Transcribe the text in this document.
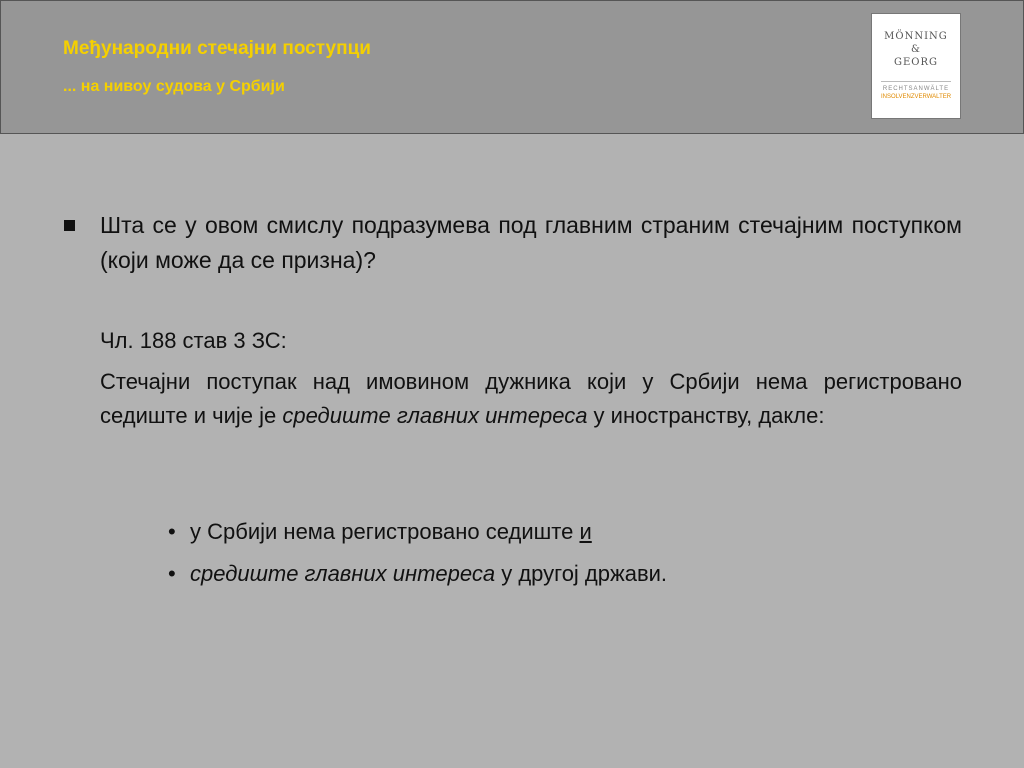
Међународни стечајни поступци
... на нивоу судова у Србији
MÖNNING
&
GEORG
RECHTSANWÄLTE
INSOLVENZVERWALTER

Шта се у овом смислу подразумева под главним страним стечајним поступком (који може да се призна)?

Чл. 188 став 3 ЗС:

Стечајни поступак над имовином дужника који у Србији нема регистровано седиште и чије је средиште главних интереса у иностранству, дакле:

• у Србији нема регистровано седиште и
• средиште главних интереса у другој држави.
